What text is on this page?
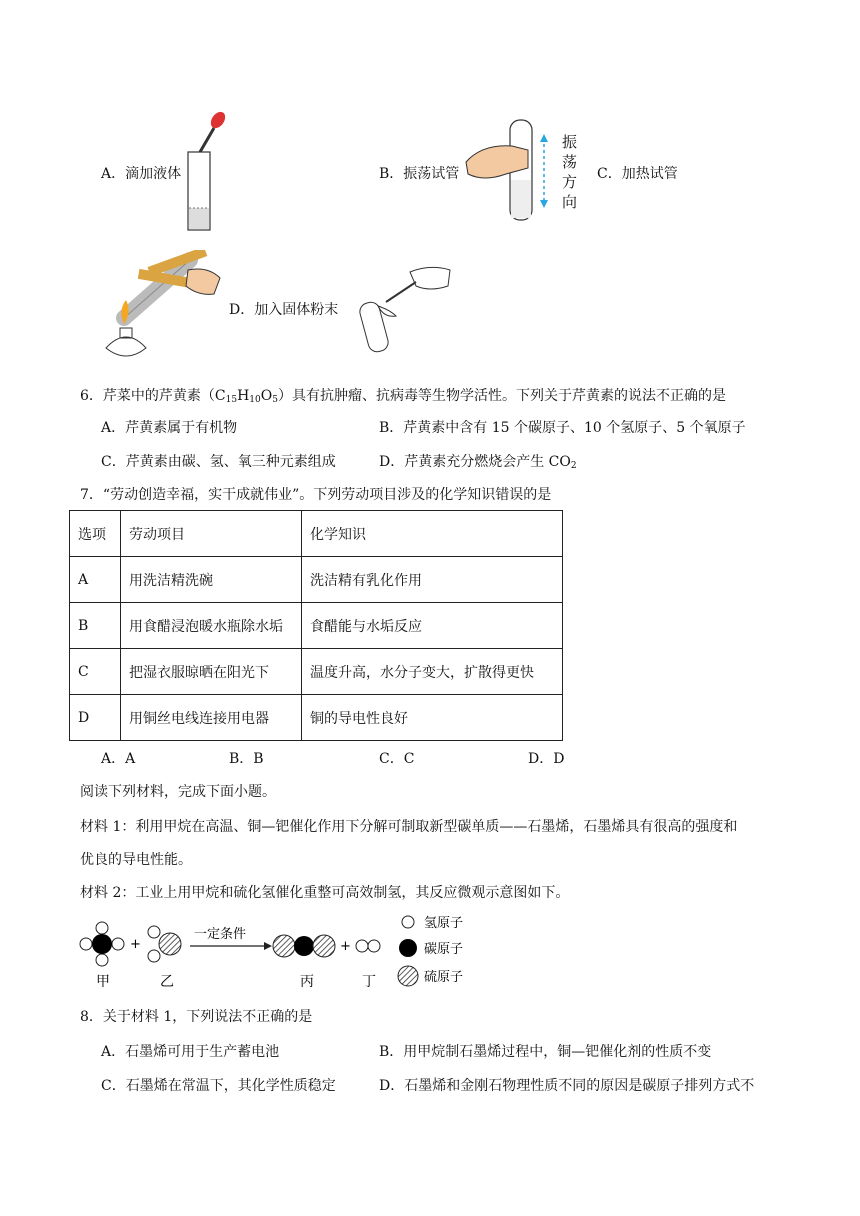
A．滴加液体	B．振荡试管
振
荡
方
向
C．加热试管
D．加入固体粉末
6．芹菜中的芹黄素$(C_{15}H_{10}O_5)$具有抗肿瘤、抗病毒等生物学活性。下列关于芹黄素的说法不正确的是
A．芹黄素属于有机物	B．芹黄素中含有 15 个碳原子、10 个氢原子、5 个氧原子
C．芹黄素由碳、氢、氧三种元素组成	D．芹黄素充分燃烧会产生 $CO_2$
7．“劳动创造幸福，实干成就伟业”。下列劳动项目涉及的化学知识错误的是
选项	劳动项目	化学知识
A	用洗洁精洗碗	洗洁精有乳化作用
B	用食醋浸泡暖水瓶除水垢	食醋能与水垢反应
C	把湿衣服晾晒在阳光下	温度升高，水分子变大，扩散得更快
D	用铜丝电线连接用电器	铜的导电性良好
A．A	B．B	C．C	D．D
阅读下列材料，完成下面小题。
材料 1：利用甲烷在高温、铜—钯催化作用下分解可制取新型碳单质——石墨烯，石墨烯具有很高的强度和
优良的导电性能。
材料 2：工业上用甲烷和硫化氢催化重整可高效制氢，其反应微观示意图如下。
+
一定条件
+
甲	乙	丙	丁
氢原子
碳原子
硫原子
8．关于材料 1，下列说法不正确的是
A．石墨烯可用于生产蓄电池	B．用甲烷制石墨烯过程中，铜—钯催化剂的性质不变
C．石墨烯在常温下，其化学性质稳定	D．石墨烯和金刚石物理性质不同的原因是碳原子排列方式不
